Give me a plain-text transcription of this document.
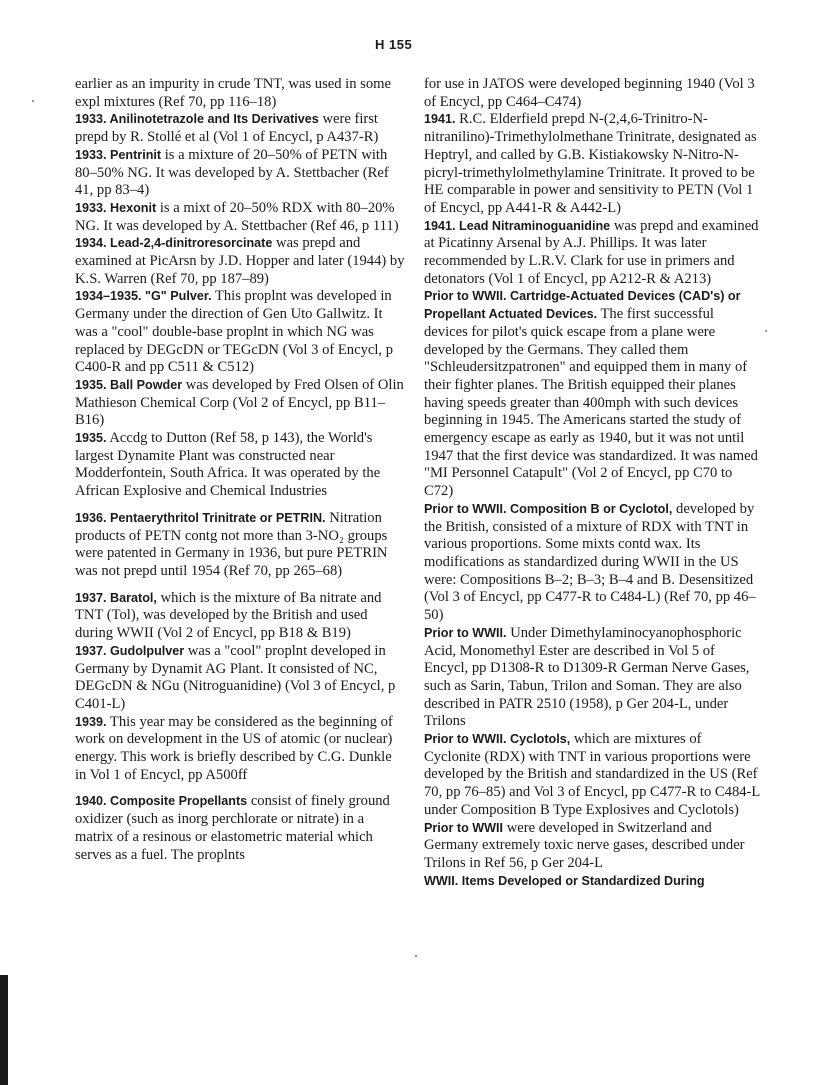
H 155

earlier as an impurity in crude TNT, was used in some expl mixtures (Ref 70, pp 116–18)

1933. Anilinotetrazole and Its Derivatives were first prepd by R. Stollé et al (Vol 1 of Encycl, p A437-R)

1933. Pentrinit is a mixture of 20–50% of PETN with 80–50% NG. It was developed by A. Stettbacher (Ref 41, pp 83–4)

1933. Hexonit is a mixt of 20–50% RDX with 80–20% NG. It was developed by A. Stettbacher (Ref 46, p 111)

1934. Lead-2,4-dinitroresorcinate was prepd and examined at PicArsn by J.D. Hopper and later (1944) by K.S. Warren (Ref 70, pp 187–89)

1934–1935. "G" Pulver. This proplnt was developed in Germany under the direction of Gen Uto Gallwitz. It was a "cool" double-base proplnt in which NG was replaced by DEGcDN or TEGcDN (Vol 3 of Encycl, p C400-R and pp C511 & C512)

1935. Ball Powder was developed by Fred Olsen of Olin Mathieson Chemical Corp (Vol 2 of Encycl, pp B11–B16)

1935. Accdg to Dutton (Ref 58, p 143), the World's largest Dynamite Plant was constructed near Modderfontein, South Africa. It was operated by the African Explosive and Chemical Industries

1936. Pentaerythritol Trinitrate or PETRIN. Nitration products of PETN contg not more than 3-NO₂ groups were patented in Germany in 1936, but pure PETRIN was not prepd until 1954 (Ref 70, pp 265–68)

1937. Baratol, which is the mixture of Ba nitrate and TNT (Tol), was developed by the British and used during WWII (Vol 2 of Encycl, pp B18 & B19)

1937. Gudolpulver was a "cool" proplnt developed in Germany by Dynamit AG Plant. It consisted of NC, DEGcDN & NGu (Nitroguanidine) (Vol 3 of Encycl, p C401-L)

1939. This year may be considered as the beginning of work on development in the US of atomic (or nuclear) energy. This work is briefly described by C.G. Dunkle in Vol 1 of Encycl, pp A500ff

1940. Composite Propellants consist of finely ground oxidizer (such as inorg perchlorate or nitrate) in a matrix of a resinous or elastometric material which serves as a fuel. The proplnts

for use in JATOS were developed beginning 1940 (Vol 3 of Encycl, pp C464–C474)

1941. R.C. Elderfield prepd N-(2,4,6-Trinitro-N-nitranilino)-Trimethylolmethane Trinitrate, designated as Heptryl, and called by G.B. Kistiakowsky N-Nitro-N-picryl-trimethylolmethylamine Trinitrate. It proved to be HE comparable in power and sensitivity to PETN (Vol 1 of Encycl, pp A441-R & A442-L)

1941. Lead Nitraminoguanidine was prepd and examined at Picatinny Arsenal by A.J. Phillips. It was later recommended by L.R.V. Clark for use in primers and detonators (Vol 1 of Encycl, pp A212-R & A213)

Prior to WWII. Cartridge-Actuated Devices (CAD's) or Propellant Actuated Devices. The first successful devices for pilot's quick escape from a plane were developed by the Germans. They called them "Schleudersitzpatronen" and equipped them in many of their fighter planes. The British equipped their planes having speeds greater than 400mph with such devices beginning in 1945. The Americans started the study of emergency escape as early as 1940, but it was not until 1947 that the first device was standardized. It was named "MI Personnel Catapult" (Vol 2 of Encycl, pp C70 to C72)

Prior to WWII. Composition B or Cyclotol, developed by the British, consisted of a mixture of RDX with TNT in various proportions. Some mixts contd wax. Its modifications as standardized during WWII in the US were: Compositions B–2; B–3; B–4 and B. Desensitized (Vol 3 of Encycl, pp C477-R to C484-L) (Ref 70, pp 46–50)

Prior to WWII. Under Dimethylaminocyanophosphoric Acid, Monomethyl Ester are described in Vol 5 of Encycl, pp D1308-R to D1309-R German Nerve Gases, such as Sarin, Tabun, Trilon and Soman. They are also described in PATR 2510 (1958), p Ger 204-L, under Trilons

Prior to WWII. Cyclotols, which are mixtures of Cyclonite (RDX) with TNT in various proportions were developed by the British and standardized in the US (Ref 70, pp 76–85) and Vol 3 of Encycl, pp C477-R to C484-L under Composition B Type Explosives and Cyclotols)

Prior to WWII were developed in Switzerland and Germany extremely toxic nerve gases, described under Trilons in Ref 56, p Ger 204-L

WWII. Items Developed or Standardized During
